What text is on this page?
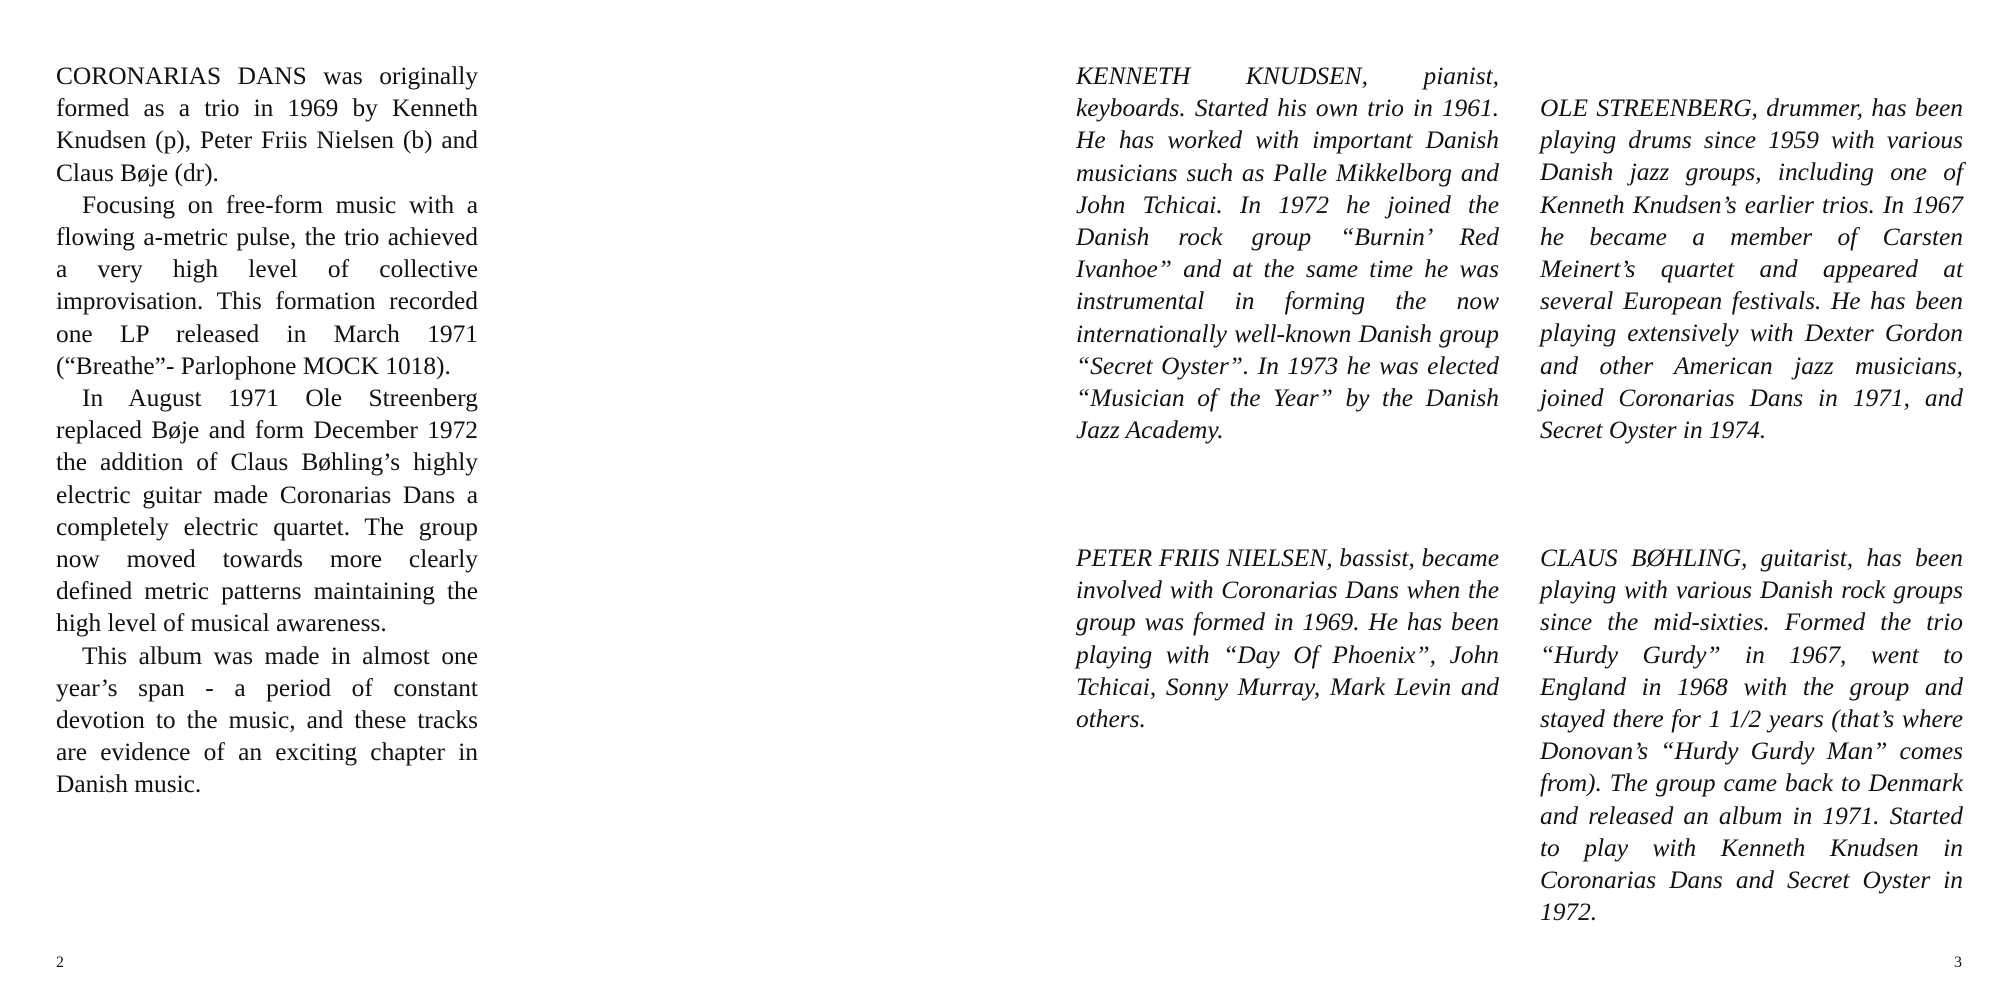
CORONARIAS DANS was originally formed as a trio in 1969 by Kenneth Knudsen (p), Peter Friis Nielsen (b) and Claus Bøje (dr).

Focusing on free-form music with a flowing a-metric pulse, the trio achieved a very high level of collective improvisation. This formation recorded one LP released in March 1971 (“Breathe”- Parlophone MOCK 1018).

In August 1971 Ole Streenberg replaced Bøje and form December 1972 the addition of Claus Bøhling’s highly electric guitar made Coronarias Dans a completely electric quartet. The group now moved towards more clearly defined metric patterns maintaining the high level of musical awareness.

This album was made in almost one year’s span - a period of constant devotion to the music, and these tracks are evidence of an exciting chapter in Danish music.

2

KENNETH KNUDSEN, pianist, keyboards. Started his own trio in 1961. He has worked with important Danish musicians such as Palle Mikkelborg and John Tchicai. In 1972 he joined the Danish rock group “Burnin’ Red Ivanhoe” and at the same time he was instrumental in forming the now internationally well-known Danish group “Secret Oyster”. In 1973 he was elected “Musician of the Year” by the Danish Jazz Academy.

OLE STREENBERG, drummer, has been playing drums since 1959 with various Danish jazz groups, including one of Kenneth Knudsen’s earlier trios. In 1967 he became a member of Carsten Meinert’s quartet and appeared at several European festivals. He has been playing extensively with Dexter Gordon and other American jazz musicians, joined Coronarias Dans in 1971, and Secret Oyster in 1974.

PETER FRIIS NIELSEN, bassist, became involved with Coronarias Dans when the group was formed in 1969. He has been playing with “Day Of Phoenix”, John Tchicai, Sonny Murray, Mark Levin and others.

CLAUS BØHLING, guitarist, has been playing with various Danish rock groups since the mid-sixties. Formed the trio “Hurdy Gurdy” in 1967, went to England in 1968 with the group and stayed there for 1 1/2 years (that’s where Donovan’s “Hurdy Gurdy Man” comes from). The group came back to Denmark and released an album in 1971. Started to play with Kenneth Knudsen in Coronarias Dans and Secret Oyster in 1972.

3
